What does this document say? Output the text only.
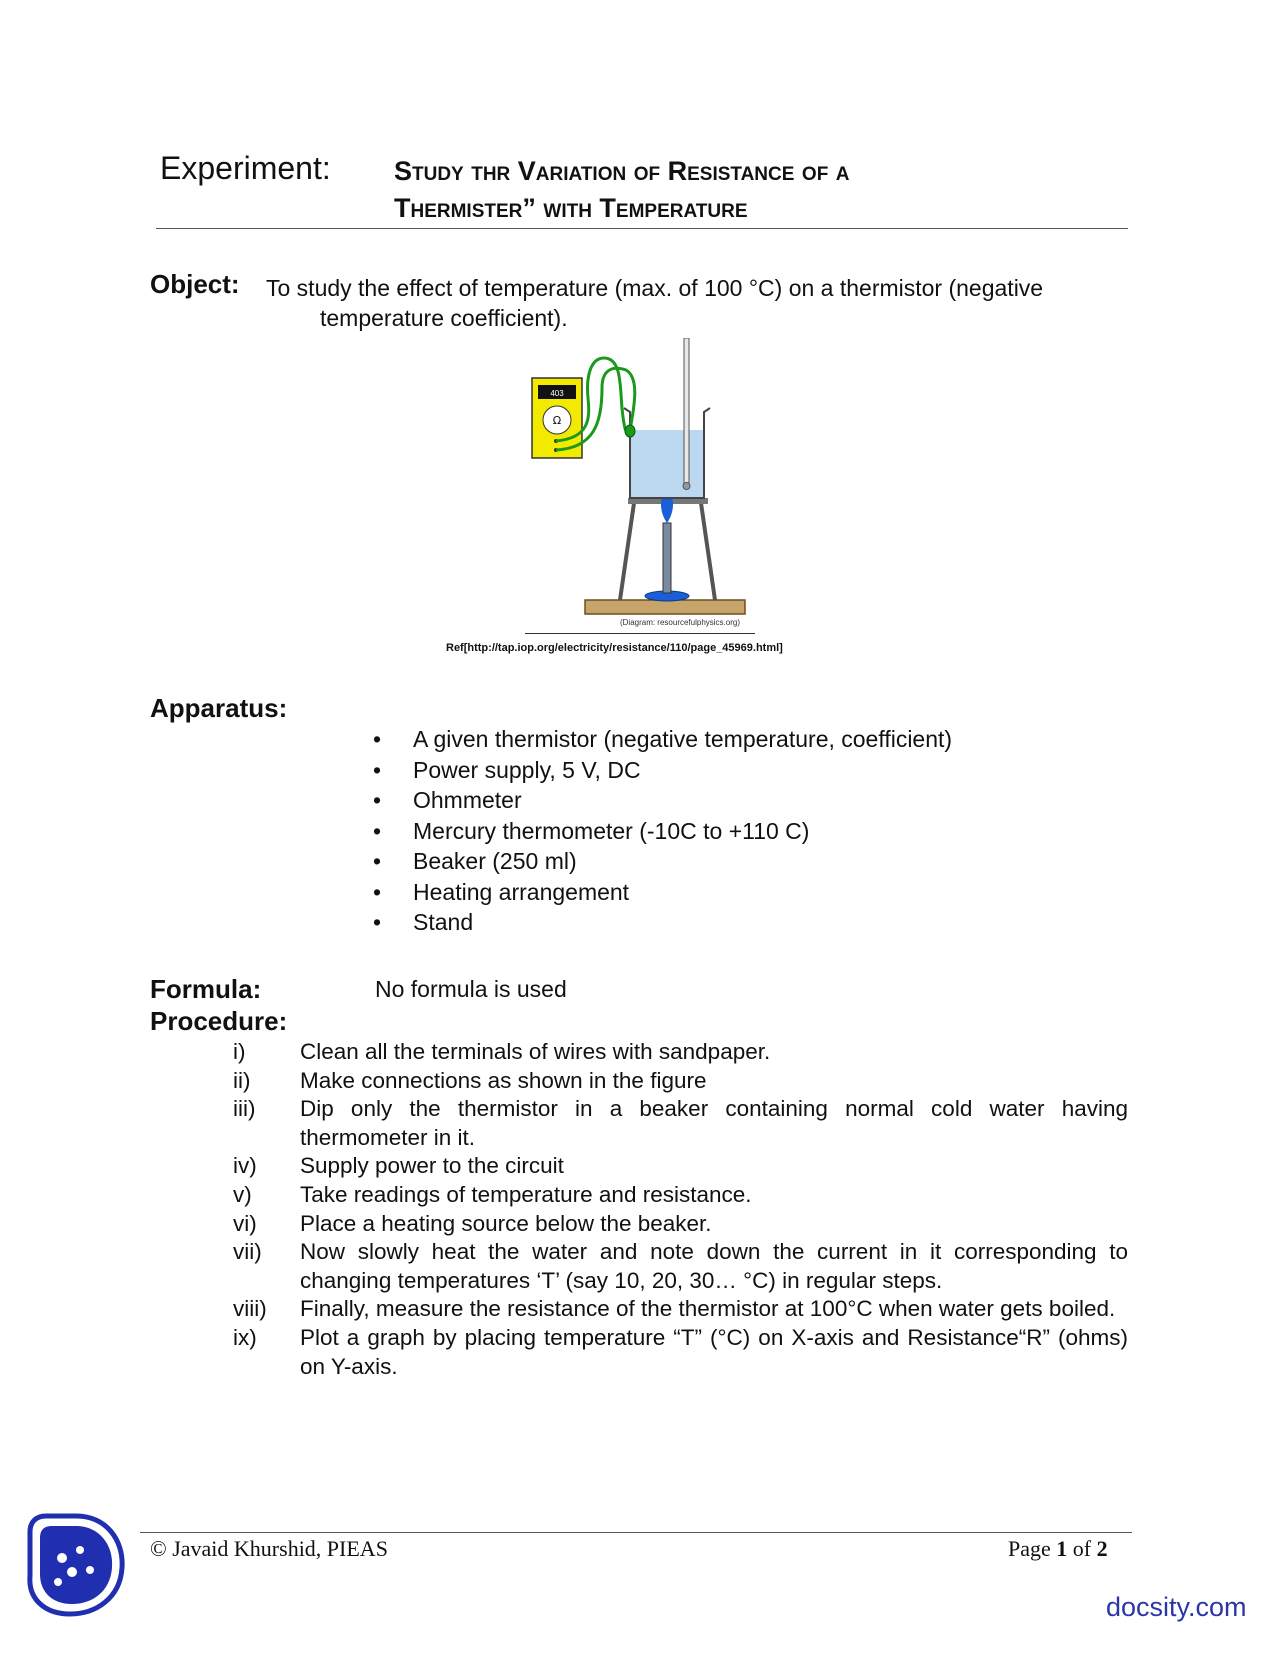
Experiment: Study thr Variation of Resistance of a
Thermister” with Temperature
Object: To study the effect of temperature (max. of 100 °C) on a thermistor (negative
temperature coefficient).
403
Ω
(Diagram: resourcefulphysics.org)
Ref[http://tap.iop.org/electricity/resistance/110/page_45969.html]
Apparatus:
• A given thermistor (negative temperature, coefficient)
• Power supply, 5 V, DC
• Ohmmeter
• Mercury thermometer (-10C to +110 C)
• Beaker (250 ml)
• Heating arrangement
• Stand
Formula:	No formula is used
Procedure:
i)	Clean all the terminals of wires with sandpaper.
ii)	Make connections as shown in the figure
iii)	Dip only the thermistor in a beaker containing normal cold water having thermometer in it.
iv)	Supply power to the circuit
v)	Take readings of temperature and resistance.
vi)	Place a heating source below the beaker.
vii)	Now slowly heat the water and note down the current in it corresponding to changing temperatures ‘T’ (say 10, 20, 30… °C) in regular steps.
viii)	Finally, measure the resistance of the thermistor at 100°C when water gets boiled.
ix)	Plot a graph by placing temperature “T” (°C) on X-axis and Resistance“R” (ohms) on Y-axis.
© Javaid Khurshid, PIEAS	Page 1 of 2
docsity.com
